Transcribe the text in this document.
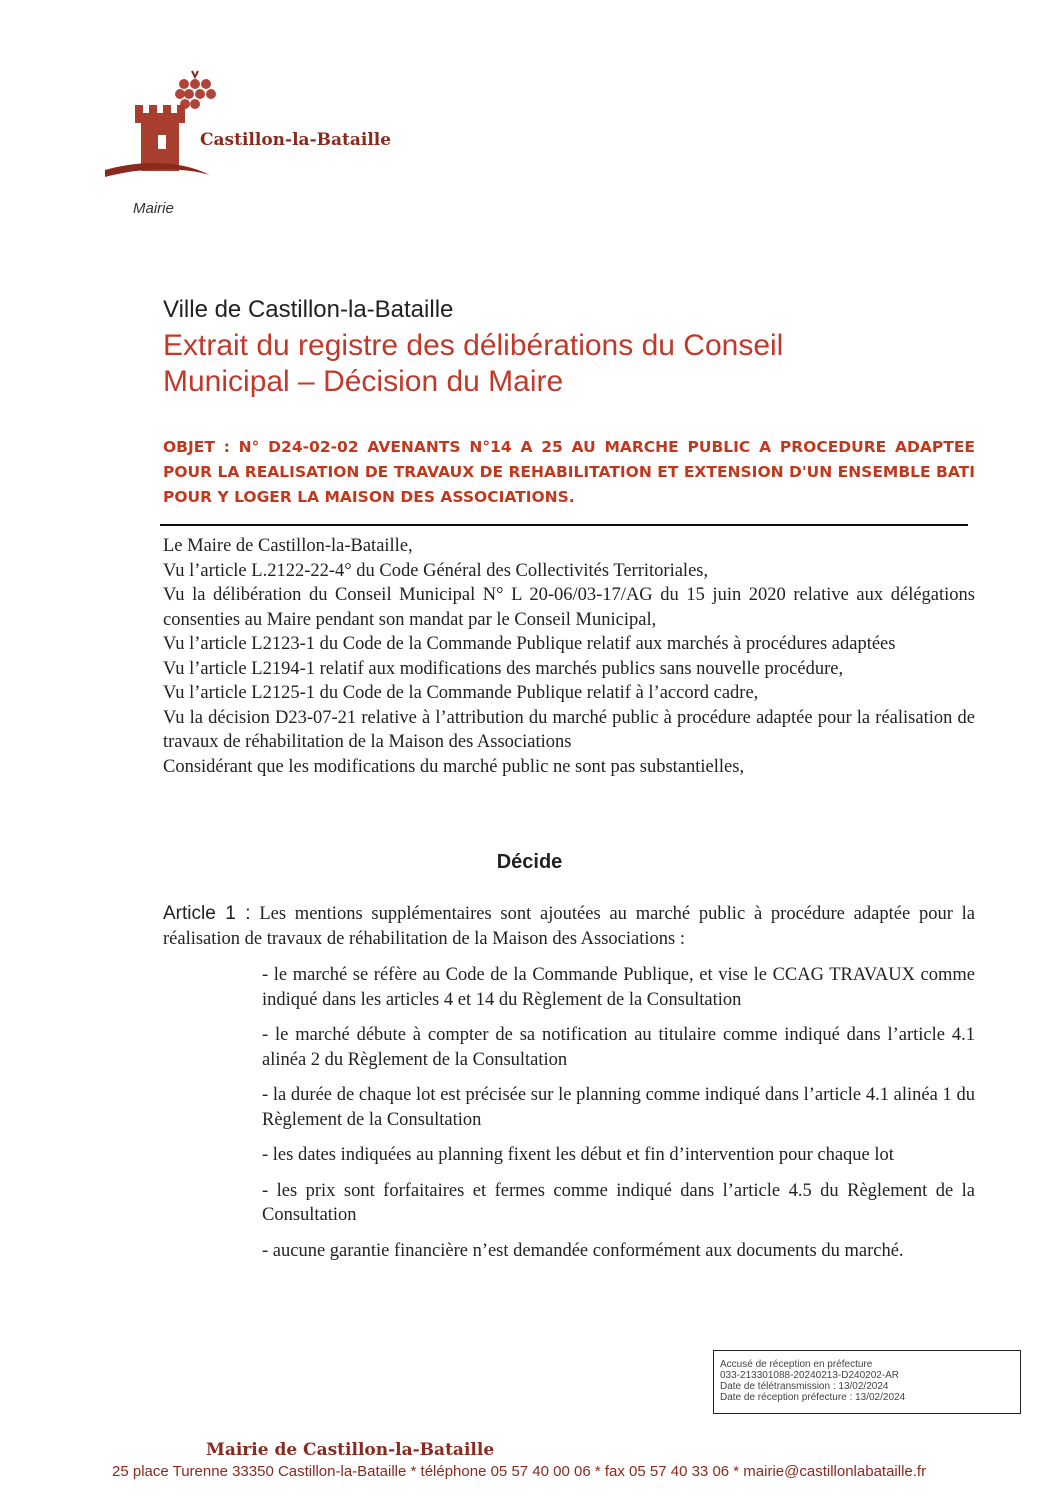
Castillon-la-Bataille
Mairie
Ville de Castillon-la-Bataille
Extrait du registre des délibérations du Conseil
Municipal – Décision du Maire
OBJET : N° D24-02-02 AVENANTS N°14 A 25 AU MARCHE PUBLIC A PROCEDURE ADAPTEE POUR LA REALISATION DE TRAVAUX DE REHABILITATION ET EXTENSION D'UN ENSEMBLE BATI POUR Y LOGER LA MAISON DES ASSOCIATIONS.
Le Maire de Castillon-la-Bataille,
Vu l’article L.2122-22-4° du Code Général des Collectivités Territoriales,
Vu la délibération du Conseil Municipal N° L 20-06/03-17/AG du 15 juin 2020 relative aux délégations consenties au Maire pendant son mandat par le Conseil Municipal,
Vu l’article L2123-1 du Code de la Commande Publique relatif aux marchés à procédures adaptées
Vu l’article L2194-1 relatif aux modifications des marchés publics sans nouvelle procédure,
Vu l’article L2125-1 du Code de la Commande Publique relatif à l’accord cadre,
Vu la décision D23-07-21 relative à l’attribution du marché public à procédure adaptée pour la réalisation de travaux de réhabilitation de la Maison des Associations
Considérant que les modifications du marché public ne sont pas substantielles,
Décide
Article 1 : Les mentions supplémentaires sont ajoutées au marché public à procédure adaptée pour la réalisation de travaux de réhabilitation de la Maison des Associations :
- le marché se réfère au Code de la Commande Publique, et vise le CCAG TRAVAUX comme indiqué dans les articles 4 et 14 du Règlement de la Consultation
- le marché débute à compter de sa notification au titulaire comme indiqué dans l’article 4.1 alinéa 2 du Règlement de la Consultation
- la durée de chaque lot est précisée sur le planning comme indiqué dans l’article 4.1 alinéa 1 du Règlement de la Consultation
- les dates indiquées au planning fixent les début et fin d’intervention pour chaque lot
- les prix sont forfaitaires et fermes comme indiqué dans l’article 4.5 du Règlement de la Consultation
- aucune garantie financière n’est demandée conformément aux documents du marché.
Accusé de réception en préfecture
033-213301088-20240213-D240202-AR
Date de télétransmission : 13/02/2024
Date de réception préfecture : 13/02/2024
Mairie de Castillon-la-Bataille
25 place Turenne 33350 Castillon-la-Bataille * téléphone 05 57 40 00 06 * fax 05 57 40 33 06 * mairie@castillonlabataille.fr
